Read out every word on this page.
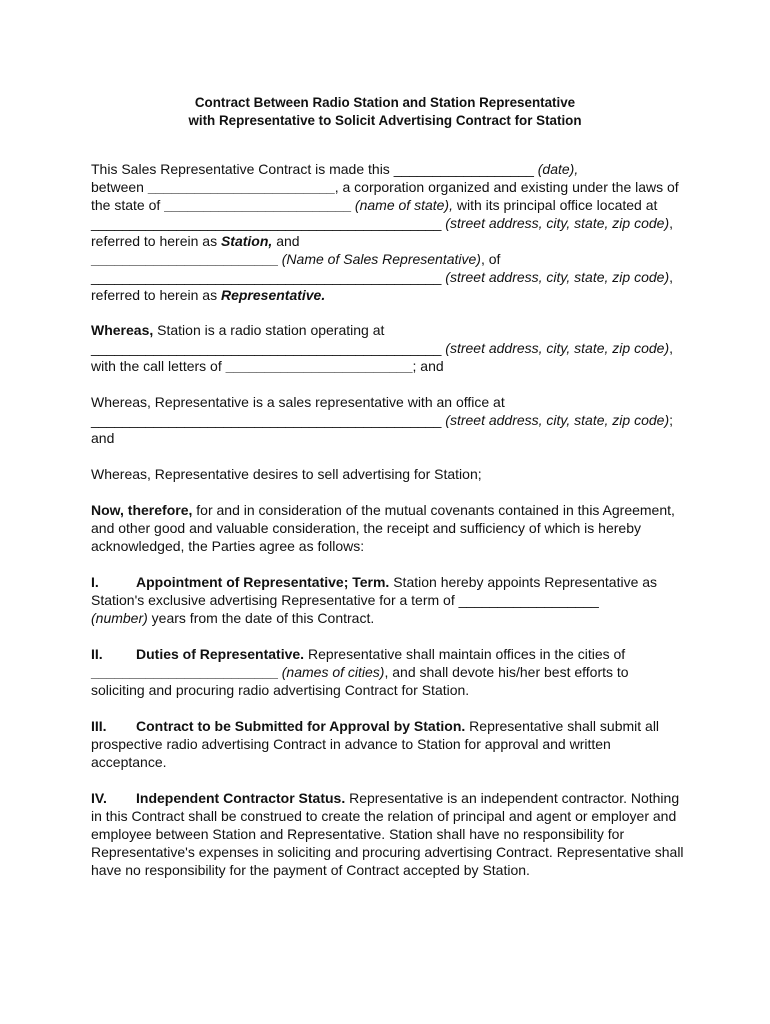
Contract Between Radio Station and Station Representative
with Representative to Solicit Advertising Contract for Station

This Sales Representative Contract is made this __________________ (date),
between ________________________, a corporation organized and existing under the laws of the state of ________________________ (name of state), with its principal office located at _____________________________________________ (street address, city, state, zip code), referred to herein as Station, and
________________________ (Name of Sales Representative), of
_____________________________________________ (street address, city, state, zip code), referred to herein as Representative.

Whereas, Station is a radio station operating at
_____________________________________________ (street address, city, state, zip code), with the call letters of ________________________; and

Whereas, Representative is a sales representative with an office at
_____________________________________________ (street address, city, state, zip code); and

Whereas, Representative desires to sell advertising for Station;

Now, therefore, for and in consideration of the mutual covenants contained in this Agreement, and other good and valuable consideration, the receipt and sufficiency of which is hereby acknowledged, the Parties agree as follows:

I.	Appointment of Representative; Term. Station hereby appoints Representative as Station's exclusive advertising Representative for a term of __________________
(number) years from the date of this Contract.

II. Duties of Representative. Representative shall maintain offices in the cities of ________________________ (names of cities), and shall devote his/her best efforts to soliciting and procuring radio advertising Contract for Station.

III. Contract to be Submitted for Approval by Station. Representative shall submit all prospective radio advertising Contract in advance to Station for approval and written acceptance.

IV. Independent Contractor Status. Representative is an independent contractor. Nothing in this Contract shall be construed to create the relation of principal and agent or employer and employee between Station and Representative. Station shall have no responsibility for Representative's expenses in soliciting and procuring advertising Contract. Representative shall have no responsibility for the payment of Contract accepted by Station.
